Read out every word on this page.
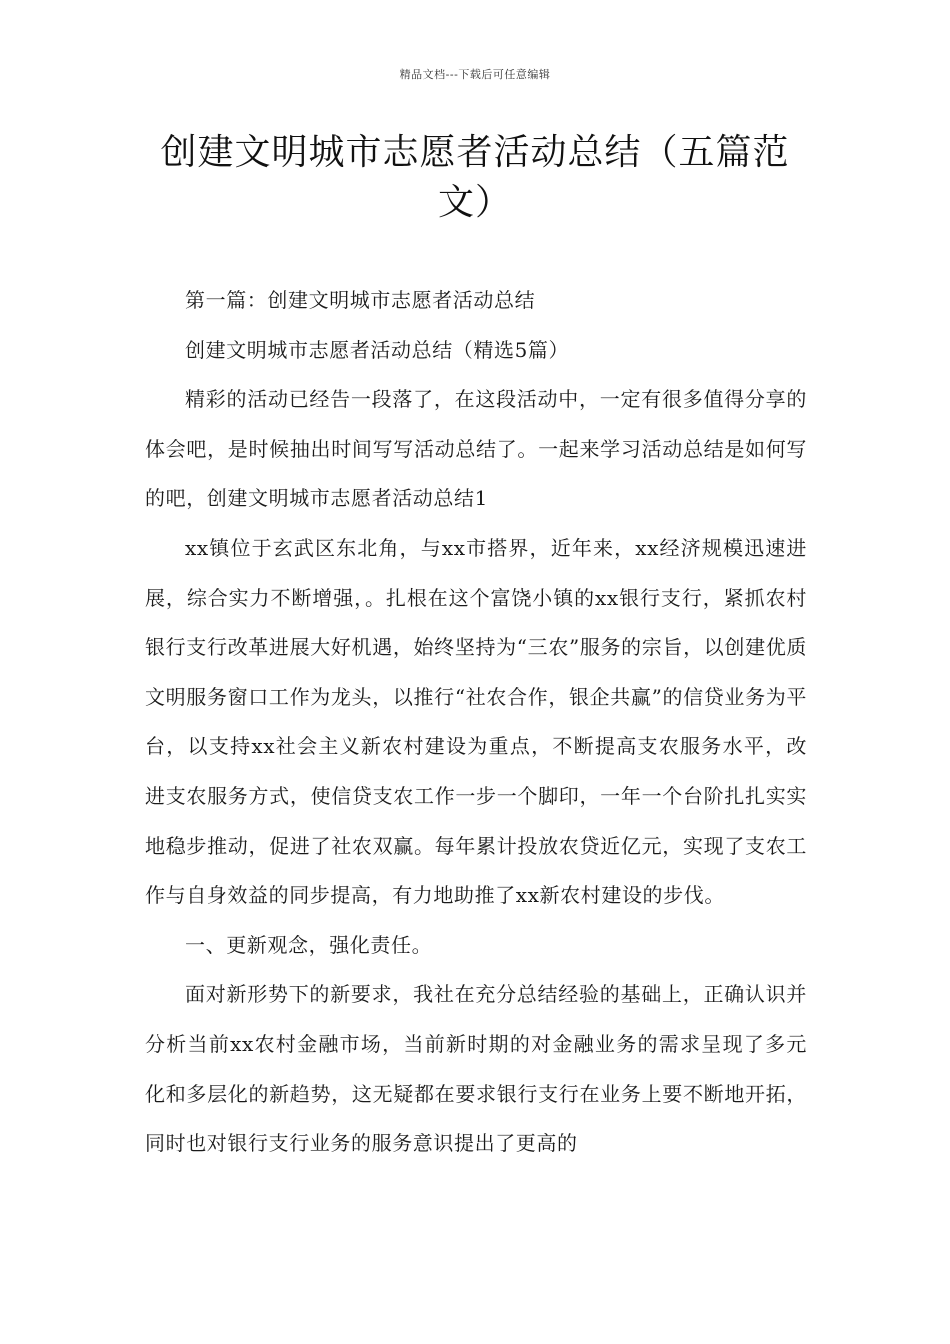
精品文档---下载后可任意编辑
创建文明城市志愿者活动总结（五篇范文）

第一篇：创建文明城市志愿者活动总结

创建文明城市志愿者活动总结（精选5篇）

精彩的活动已经告一段落了，在这段活动中，一定有很多值得分享的体会吧，是时候抽出时间写写活动总结了。一起来学习活动总结是如何写的吧，创建文明城市志愿者活动总结1

xx镇位于玄武区东北角，与xx市搭界，近年来，xx经济规模迅速进展，综合实力不断增强，。扎根在这个富饶小镇的xx银行支行，紧抓农村银行支行改革进展大好机遇，始终坚持为“三农”服务的宗旨，以创建优质文明服务窗口工作为龙头，以推行“社农合作，银企共赢”的信贷业务为平台，以支持xx社会主义新农村建设为重点，不断提高支农服务水平，改进支农服务方式，使信贷支农工作一步一个脚印，一年一个台阶扎扎实实地稳步推动，促进了社农双赢。每年累计投放农贷近亿元，实现了支农工作与自身效益的同步提高，有力地助推了xx新农村建设的步伐。

一、更新观念，强化责任。

面对新形势下的新要求，我社在充分总结经验的基础上，正确认识并分析当前xx农村金融市场，当前新时期的对金融业务的需求呈现了多元化和多层化的新趋势，这无疑都在要求银行支行在业务上要不断地开拓，同时也对银行支行业务的服务意识提出了更高的
